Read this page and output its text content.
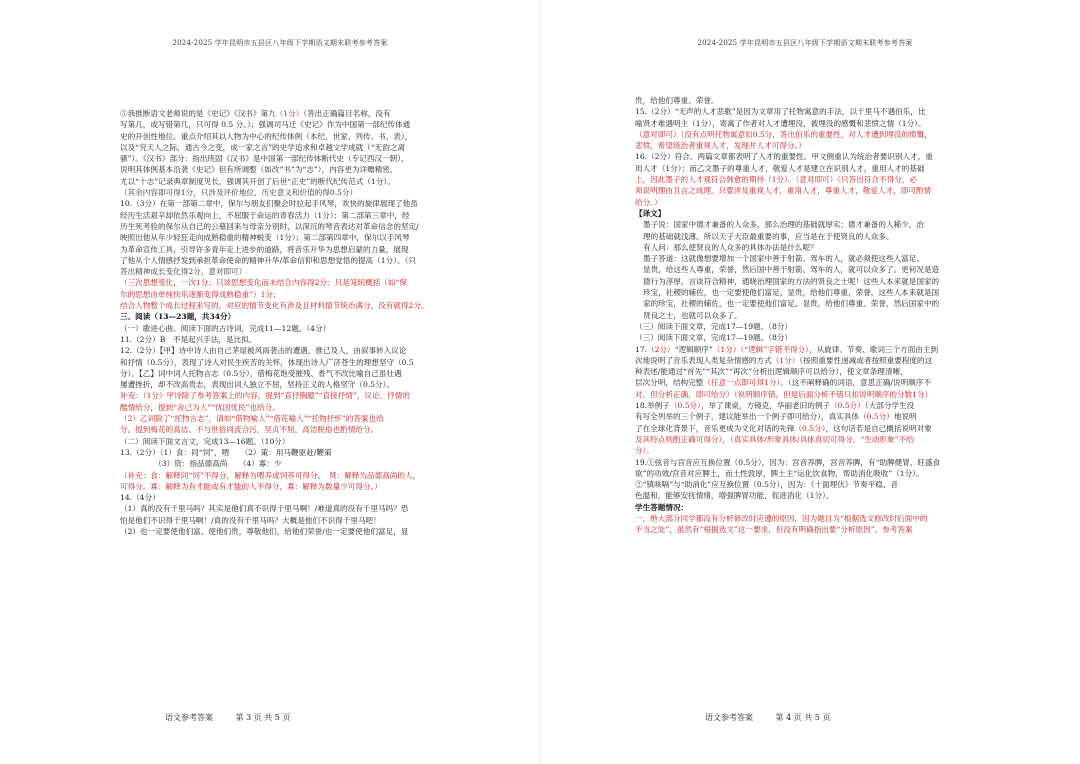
2024-2025 学年昆明市五县区八年级下学期语文期末联考参考答案

⑤我推断语文老师说的是《史记》《汉书》第九（1分）（答出正确篇目名称，没有

写第几，或写错第几，只可得 0.5 分。）；强调司马迁《史记》作为中国第一部纪传体通

史的开创性地位。重点介绍其以人物为中心的纪传体例（本纪、世家、列传、书、表），

以及“究天人之际，通古今之变，成一家之言”的史学追求和卓越文学成就（“无韵之离

骚”）。《汉书》部分：指出班固《汉书》是中国第一部纪传体断代史（专记西汉一朝），

说明其体例基本沿袭《史记》但有所调整（如改“书”为“志”），内容更为详赡精密，

尤以“十志”记录典章制度见长，强调其开创了后世“正史”的断代纪传范式（1分）。

（其余内容即可得1分，只涉及评价地位、历史意义和价值的得0.5分）

10.（3分）在第一部第二章中，保尔与朋友们聚会时拉起手风琴，欢快的旋律展现了他虽

经历生活艰辛却依然乐观向上，不屈服于命运的青春活力（1分）；第二部第三章中，经

历生死考验的保尔从自己的公墓回来与母亲分别时，以深沉的琴音表达对革命信念的坚定/

映照出他从年少轻狂走向成熟稳重的精神蜕变（1分）；第二部第四章中，保尔以手风琴

为革命宣传工具，引导许多青年走上进步的道路，将音乐升华为思想启蒙的力量，展现

了他从个人情感抒发到承担革命使命的精神升华/革命信仰和思想觉悟的提高（1分）。（只

答出精神成长变化得2分，意对即可）

（三次思想变化，一次1分；只谈思想变化而未结合内容得2分；只是笼统概括（如“保

尔的思想由单纯快乐逐渐变得成熟稳重”）1分；

结合人物整个成长过程来写的，对应的情节变化有涉及且材料情节统治满分，没有就得2分。

三、阅读（13—23题，共34分）

（一）歌进心曲。阅读下面的古诗词，完成11—12题。（4分）

11.（2分）B　不是起兴手法，是比拟。

12.（2分）【甲】诗中诗人由自己茅屋被风雨袭击的遭遇，推己及人，由叙事转入议论

和抒情（0.5分），表现了诗人对民生疾苦的关怀，体现出诗人广济苍生的理想坚守（0.5

分）。【乙】词中词人托物言志（0.5分），借梅花饱受摧残、香气不改比喻自己虽壮遇

屡遭挫折，却不改高贵志，表现出词人独立不屈，坚持正义的人格坚守（0.5分）。

补充：（1分）甲诗除了参考答案上的内容，提到“直抒胸臆”“直接抒情”，议论、抒情的

酷情给分，提到“舍己为人”“忧国忧民”也给分。

（2）乙词除了“托物言志”，请如“借物喻人”“借花喻人”“托物抒怀”的答案也给

分，提到梅花的高洁、不与世俗同流合污，坚贞不屈，高洁脱俗也酌情给分。

（二）阅读下面文言文，完成13—16题。（10分）

13.（2分）（1）食：同“饲”，喂　　（2）策：用马鞭驱赶/鞭策

　　　　　（3）资：指品德高尚　　（4）寡：少

（补充：食：解释同“饲”不得分，解释为喂养或饲养可得分。　贤：解释为品德高尚的人，

可得分。寡：解释为有才能或有才能的人不得分，寡：解释为数量少可得分。）

14.（4分）

（1）真的没有千里马吗？其实是他们真不识得千里马啊！/难道真的没有千里马吗？恐

怕是他们不识得千里马啊！/真的没有千里马吗？大概是他们不识得千里马吧！

（2）也一定要使他们富、使他们贵，尊敬他们，给他们荣誉/也一定要使他们富足，显

语文参考答案	第 3 页 共 5 页
2024-2025 学年昆明市五县区八年级下学期语文期末联考参考答案

贵，给他们尊重、荣誉。

15.（2分）“无声的人才悲歌”是因为文章用了托物寓意的手法，以千里马不遇伯乐，比

喻贤才难遇明主（1分），寄寓了作者对人才遭埋没，被埋没的感慨和悲愤之情（1分）。

（意对即可）（没有点明托物寓意扣0.5分，答出伯乐的重要性，对人才遭到埋没的愤慨，

悲愤，希望统治者重视人才，发现并人才可得分。）

16.（2分）符合。两篇文章都表明了人才的重要性。甲文侧重认为统治者要识别人才，重

用人才（1分）；而乙文墨子的尊重人才，敬爱人才是建立在识别人才，重用人才的基础

上，因此墨子的人才观符合韩愈的期待（1分）。（意对即可）（只答出符合不得分，必

须说明理由且言之成理，只要涉及重视人才，重用人才，尊重人才，敬爱人才，即可酌情

给分。）

【译文】

墨子说：国家中德才兼备的人众多，那么治理的基础就厚实；德才兼备的人稀少，治

理的基础就浅薄。所以天子大臣最重要的事，应当是在于使贤良的人众多。

有人问：那么使贤良的人众多的具体办法是什么呢？

墨子答道：这就像想要增加一个国家中善于射箭、驾车的人，就必须使这些人富足、

显贵，给这些人尊重，荣誉，然后国中善于射箭、驾车的人，就可以众多了。更何况是造

德行为淳厚，言谈符合精神，通晓治理国家的方法的贤良之士呢！这些人本来就是国家的

珍宝，社稷的辅佐，也一定要使他们富足、显贵，给他们尊重，荣誉，这些人本来就是国

家的珍宝，社稷的辅佐，也一定要使他们富足、显贵，给他们尊重、荣誉，然后国家中的

贤良之士，也就可以众多了。

（三）阅读下面文章，完成17—19题。（8分）

（三）阅读下面文章，完成17—19题。（8分）

17.（2分）“逻辑顺序”（1分）（“逻辑”字错不得分），从旋律、节奏、歌词三个方面由主到

次地说明了音乐表现人类复杂情感的方式（1分）（按照重要性递减或者按照重要程度的这

种表述/能通过“首先”“其次”“再次”分析出逻辑顺序可以给分），使文章条理清晰，

层次分明，结构完整（任意一点即可得1分）。（这不阐释确的词语，意思正确/说明顺序不

对，但分析正确，即可给分）（说明顺序错，但是后面分析不错只扣说明顺序的分数1分）

18.举例子（0.5分），举了课桌，方镜克，华丽老旧的例子（0.5分）（大部分学生没

有写全列举的三个例子，建议能举出一个例子即可给分），真实具体（0.5分）地说明

了在全球化背景下，音乐更成为文化对话的先锋（0.5分），这句话若是自己概括说明对象

及其特点则酌正确可得分），（真实具体/形象具体/具体真切可得分，“生动形象”不给

分）。

19.①弦音与宫音应互换位置（0.5分），因为：宫音养脾，宫音养脾，有“助脾健胃，旺盛食

欲”的功效/宫音对应脾土，而土性敦厚，脾土主“运化饮食物，帮助消化吸收”（1分）。

②“镇咳嗝”与“助消化”应互换位置（0.5分），因为：《十面埋伏》节奏平稳、音

色温和，能够安抚情绪，增强脾胃功能，促进消化（1分）。

学生答题情况：

一，绝大部分同学都没有分析修改时应遵的原因，因为题目为“根据选文修改时后面中的

不当之处”，虽然有“根据选文”这一要求，但没有明确指出要“分析原因”，参考答案

语文参考答案	第 4 页 共 5 页
